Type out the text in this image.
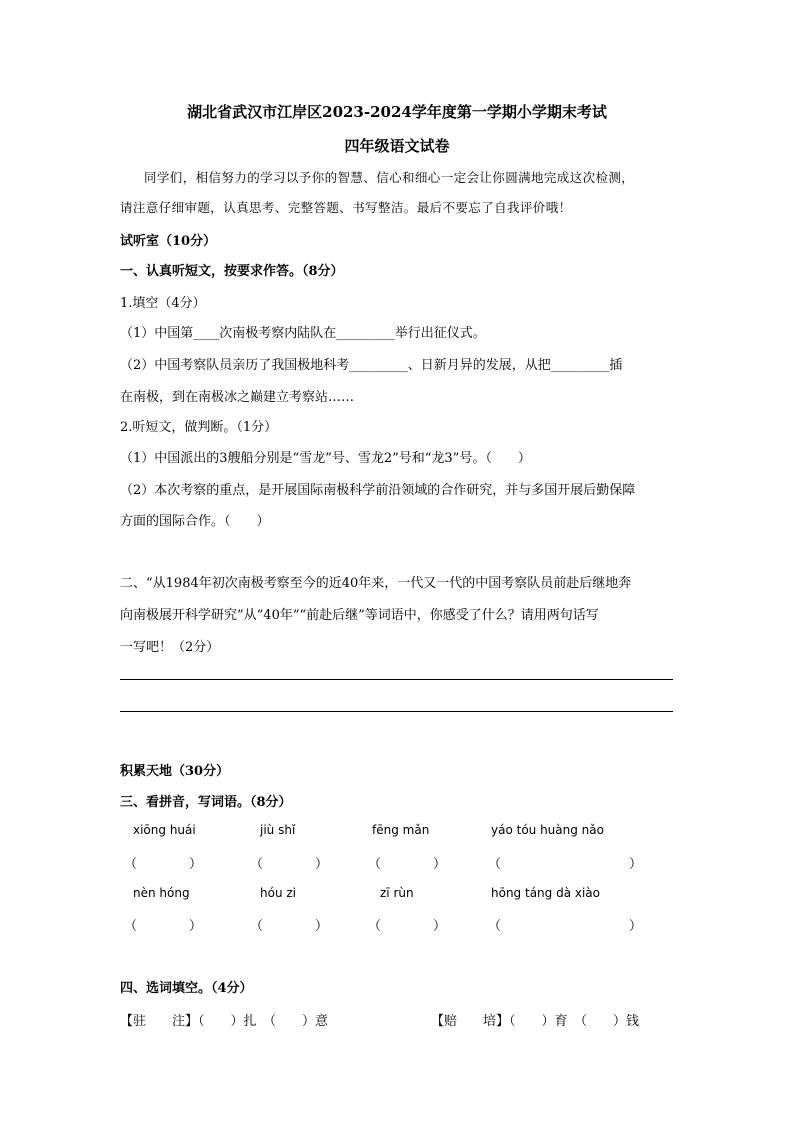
湖北省武汉市江岸区2023-2024学年度第一学期小学期末考试
四年级语文试卷
同学们，相信努力的学习以予你的智慧、信心和细心一定会让你圆满地完成这次检测，
请注意仔细审题，认真思考、完整答题、书写整洁。最后不要忘了自我评价哦！
试听室（10分）
一、认真听短文，按要求作答。（8分）
1.填空（4分）
（1）中国第____次南极考察内陆队在_________举行出征仪式。
（2）中国考察队员亲历了我国极地科考_________、日新月异的发展，从把_________插
在南极，到在南极冰之巅建立考察站……
2.听短文，做判断。（1分）
（1）中国派出的3艘船分别是“雪龙”号、雪龙2”号和“龙3”号。（　　）
（2）本次考察的重点，是开展国际南极科学前沿领域的合作研究，并与多国开展后勤保障
方面的国际合作。（　　）
二、“从1984年初次南极考察至今的近40年来，一代又一代的中国考察队员前赴后继地奔
向南极展开科学研究”从“40年”“前赴后继”等词语中，你感受了什么？请用两句话写
一写吧！（2分）
积累天地（30分）
三、看拼音，写词语。（8分）
xiōng huái	jiù shǐ	fēng mǎn	yáo tóu huàng nǎo
（	）	（	）	（	）	（	）
nèn hóng	hóu zi	zī rùn	hōng táng dà xiào
（	）	（	）	（	）	（	）
四、选词填空。（4分）
【驻　　注】（　　）扎　（　　）意	【赔　　培】（　　）育　（　　）钱
